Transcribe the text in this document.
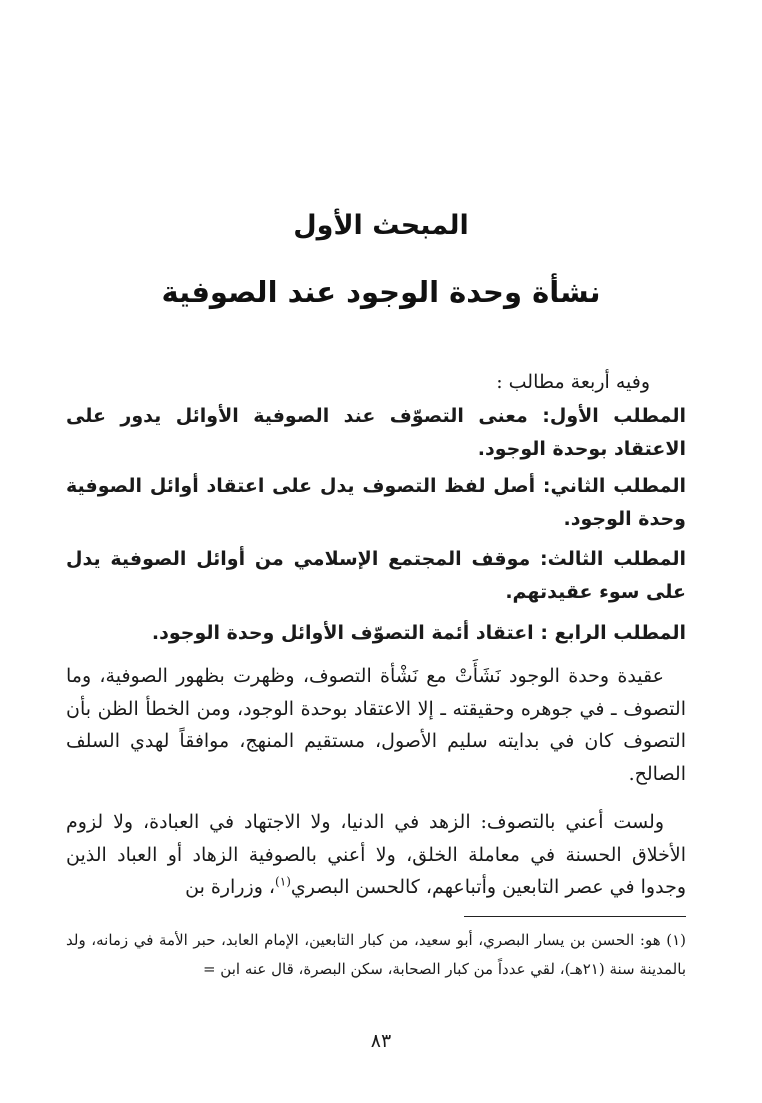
المبحث الأول
نشأة وحدة الوجود عند الصوفية

وفيه أربعة مطالب :

المطلب الأول: معنى التصوّف عند الصوفية الأوائل يدور على الاعتقاد بوحدة الوجود.

المطلب الثاني: أصل لفظ التصوف يدل على اعتقاد أوائل الصوفية وحدة الوجود.

المطلب الثالث: موقف المجتمع الإسلامي من أوائل الصوفية يدل على سوء عقيدتهم.

المطلب الرابع : اعتقاد أئمة التصوّف الأوائل وحدة الوجود.

عقيدة وحدة الوجود نَشَأَتْ مع نَشْأة التصوف، وظهرت بظهور الصوفية، وما التصوف ـ في جوهره وحقيقته ـ إلا الاعتقاد بوحدة الوجود، ومن الخطأ الظن بأن التصوف كان في بدايته سليم الأصول، مستقيم المنهج، موافقاً لهدي السلف الصالح.

ولست أعني بالتصوف: الزهد في الدنيا، ولا الاجتهاد في العبادة، ولا لزوم الأخلاق الحسنة في معاملة الخلق، ولا أعني بالصوفية الزهاد أو العباد الذين وجدوا في عصر التابعين وأتباعهم، كالحسن البصري$^{(١)}$، وزرارة بن

(١) هو: الحسن بن يسار البصري، أبو سعيد، من كبار التابعين، الإمام العابد، حبر الأمة في زمانه، ولد بالمدينة سنة (٢١هـ)، لقي عدداً من كبار الصحابة، سكن البصرة، قال عنه ابن =

٨٣
